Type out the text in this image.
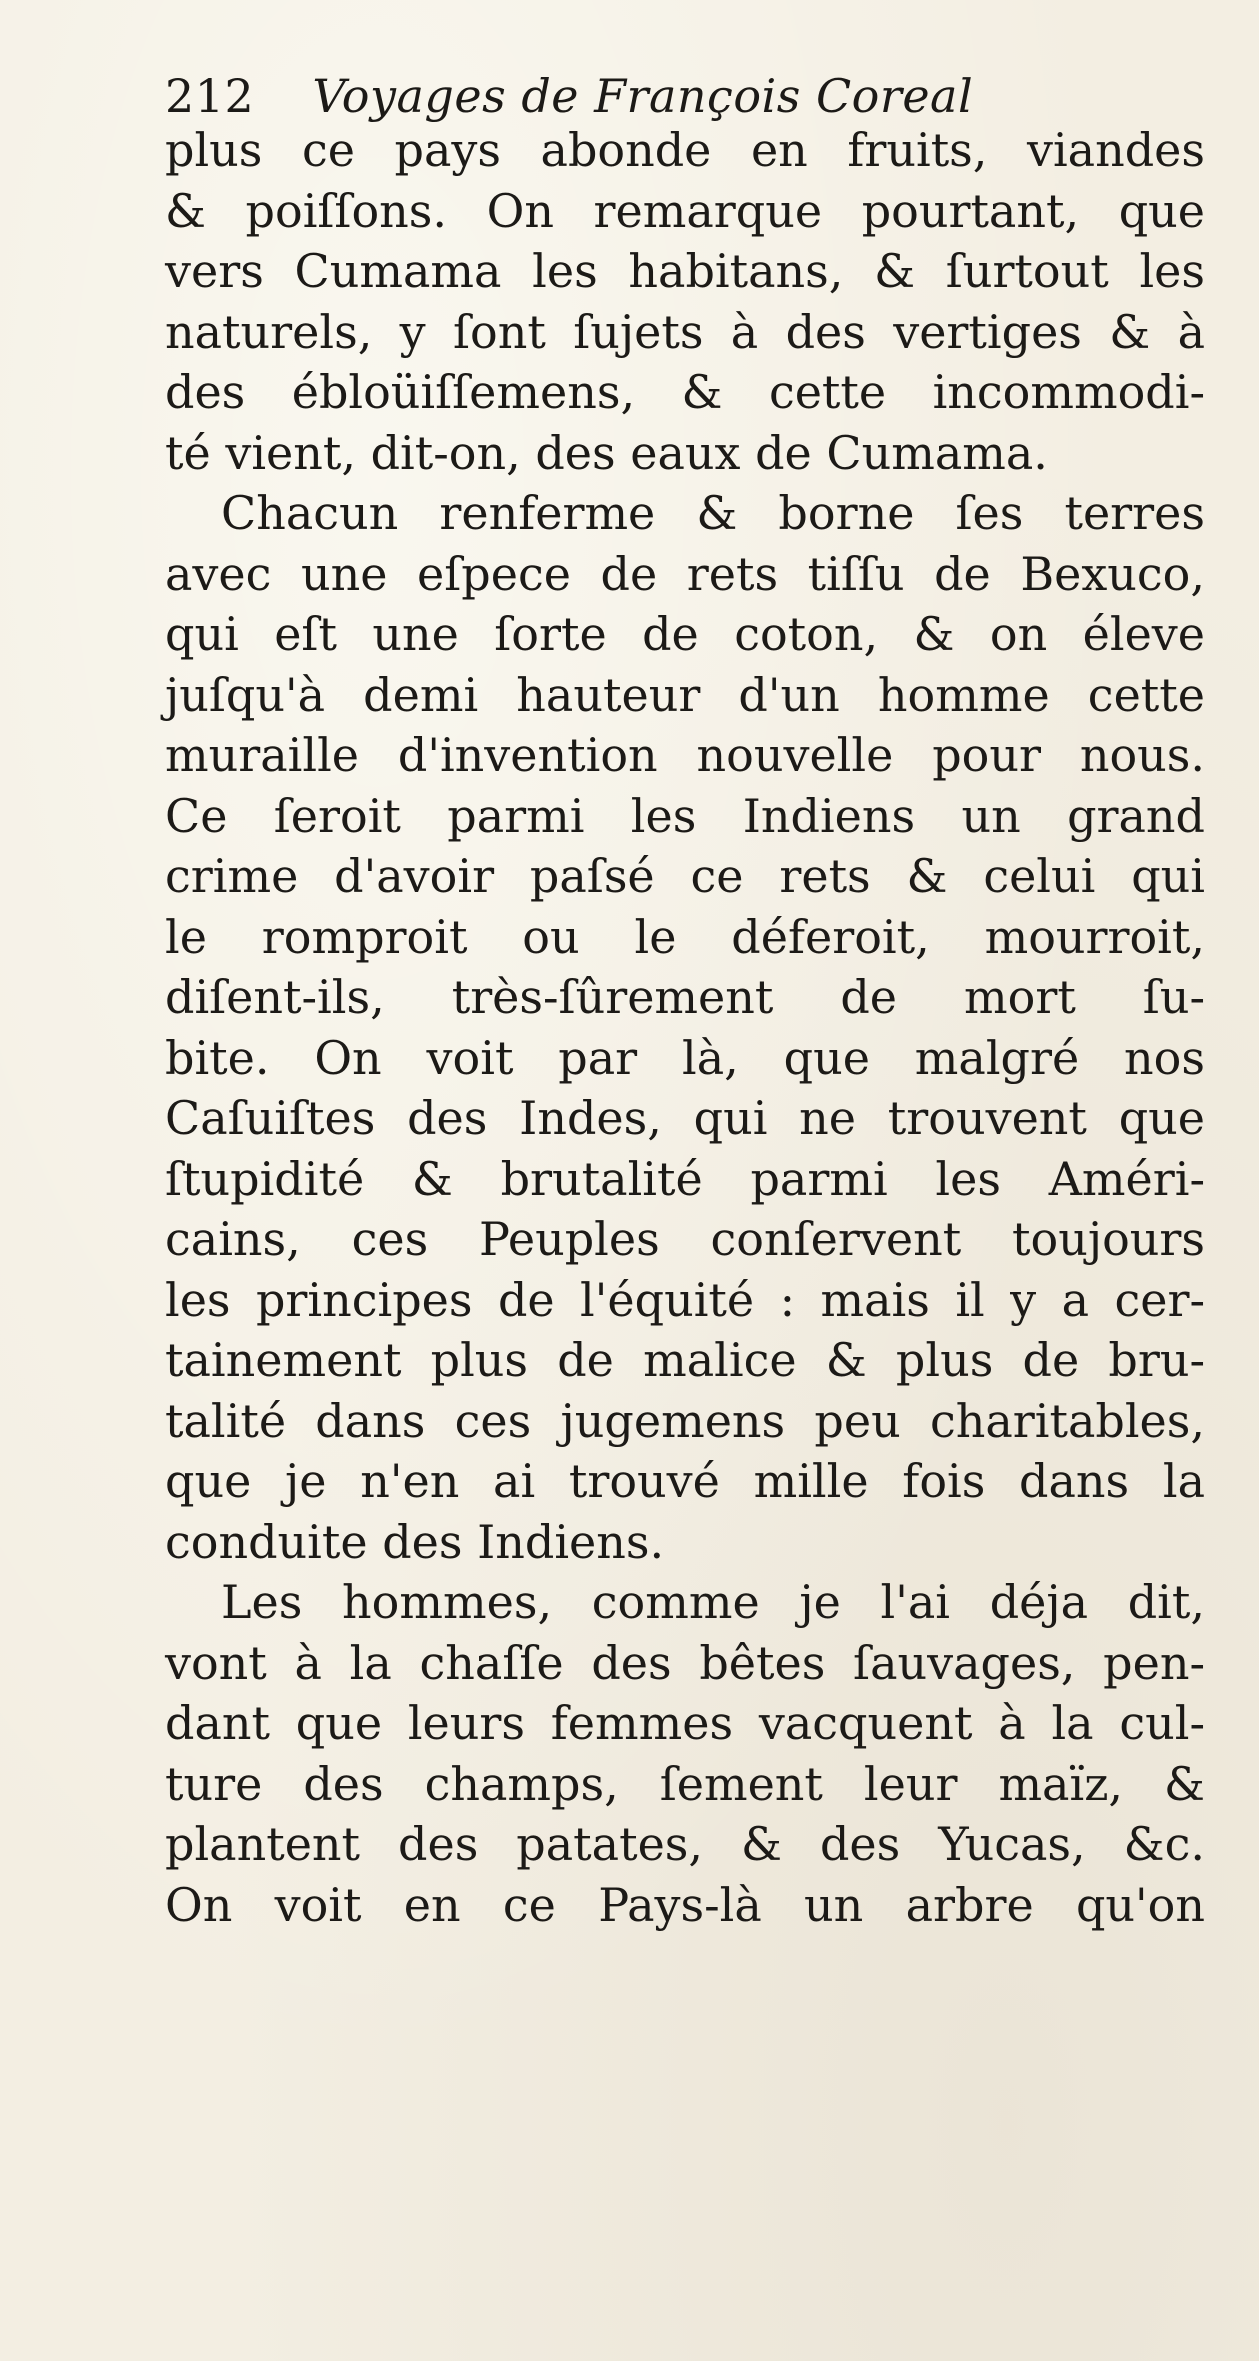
212 Voyages de François Coreal
plus ce pays abonde en fruits, viandes
& poiſſons. On remarque pourtant, que
vers Cumama les habitans, & ſurtout les
naturels, y ſont ſujets à des vertiges & à
des ébloüiſſemens, & cette incommodi-
té vient, dit-on, des eaux de Cumama.
Chacun renferme & borne ſes terres
avec une eſpece de rets tiſſu de Bexuco,
qui eſt une ſorte de coton, & on éleve
juſqu'à demi hauteur d'un homme cette
muraille d'invention nouvelle pour nous.
Ce ſeroit parmi les Indiens un grand
crime d'avoir paſsé ce rets & celui qui
le romproit ou le déferoit, mourroit,
diſent-ils, très-ſûrement de mort ſu-
bite. On voit par là, que malgré nos
Caſuiſtes des Indes, qui ne trouvent que
ſtupidité & brutalité parmi les Améri-
cains, ces Peuples conſervent toujours
les principes de l'équité : mais il y a cer-
tainement plus de malice & plus de bru-
talité dans ces jugemens peu charitables,
que je n'en ai trouvé mille fois dans la
conduite des Indiens.
Les hommes, comme je l'ai déja dit,
vont à la chaſſe des bêtes ſauvages, pen-
dant que leurs femmes vacquent à la cul-
ture des champs, ſement leur maïz, &
plantent des patates, & des Yucas, &c.
On voit en ce Pays-là un arbre qu'on
